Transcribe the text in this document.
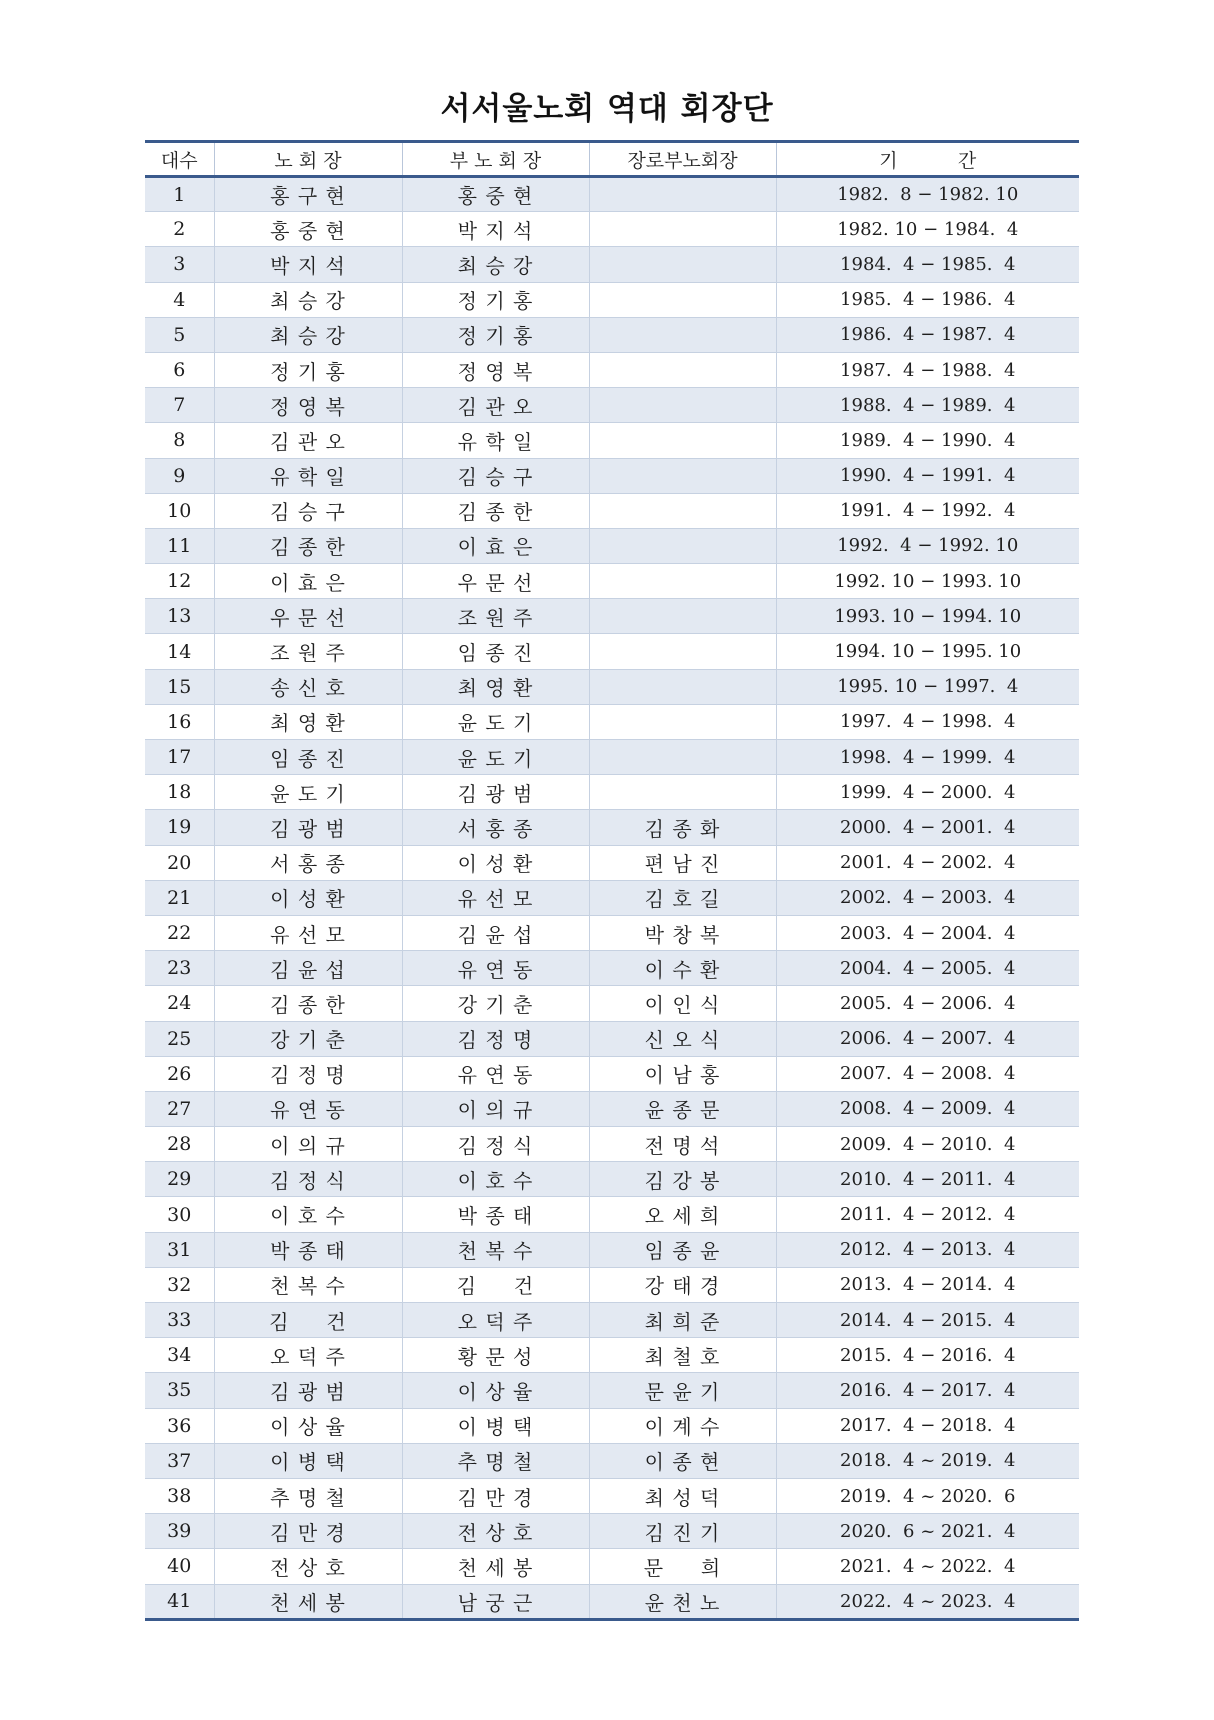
서서울노회 역대 회장단
대수	노 회 장	부 노 회 장	장로부노회장	기          간
1	홍 구 현	홍 중 현		1982.  8 − 1982. 10
2	홍 중 현	박 지 석		1982. 10 − 1984.  4
3	박 지 석	최 승 강		1984.  4 − 1985.  4
4	최 승 강	정 기 홍		1985.  4 − 1986.  4
5	최 승 강	정 기 홍		1986.  4 − 1987.  4
6	정 기 홍	정 영 복		1987.  4 − 1988.  4
7	정 영 복	김 관 오		1988.  4 − 1989.  4
8	김 관 오	유 학 일		1989.  4 − 1990.  4
9	유 학 일	김 승 구		1990.  4 − 1991.  4
10	김 승 구	김 종 한		1991.  4 − 1992.  4
11	김 종 한	이 효 은		1992.  4 − 1992. 10
12	이 효 은	우 문 선		1992. 10 − 1993. 10
13	우 문 선	조 원 주		1993. 10 − 1994. 10
14	조 원 주	임 종 진		1994. 10 − 1995. 10
15	송 신 호	최 영 환		1995. 10 − 1997.  4
16	최 영 환	윤 도 기		1997.  4 − 1998.  4
17	임 종 진	윤 도 기		1998.  4 − 1999.  4
18	윤 도 기	김 광 범		1999.  4 − 2000.  4
19	김 광 범	서 홍 종	김 종 화	2000.  4 − 2001.  4
20	서 홍 종	이 성 환	편 남 진	2001.  4 − 2002.  4
21	이 성 환	유 선 모	김 호 길	2002.  4 − 2003.  4
22	유 선 모	김 윤 섭	박 창 복	2003.  4 − 2004.  4
23	김 윤 섭	유 연 동	이 수 환	2004.  4 − 2005.  4
24	김 종 한	강 기 춘	이 인 식	2005.  4 − 2006.  4
25	강 기 춘	김 정 명	신 오 식	2006.  4 − 2007.  4
26	김 정 명	유 연 동	이 남 홍	2007.  4 − 2008.  4
27	유 연 동	이 의 규	윤 종 문	2008.  4 − 2009.  4
28	이 의 규	김 정 식	전 명 석	2009.  4 − 2010.  4
29	김 정 식	이 호 수	김 강 봉	2010.  4 − 2011.  4
30	이 호 수	박 종 태	오 세 희	2011.  4 − 2012.  4
31	박 종 태	천 복 수	임 종 윤	2012.  4 − 2013.  4
32	천 복 수	김     건	강 태 경	2013.  4 − 2014.  4
33	김     건	오 덕 주	최 희 준	2014.  4 − 2015.  4
34	오 덕 주	황 문 성	최 철 호	2015.  4 − 2016.  4
35	김 광 범	이 상 율	문 윤 기	2016.  4 − 2017.  4
36	이 상 율	이 병 택	이 계 수	2017.  4 − 2018.  4
37	이 병 택	추 명 철	이 종 현	2018.  4 ~ 2019.  4
38	추 명 철	김 만 경	최 성 덕	2019.  4 ~ 2020.  6
39	김 만 경	전 상 호	김 진 기	2020.  6 ~ 2021.  4
40	전 상 호	천 세 봉	문     희	2021.  4 ~ 2022.  4
41	천 세 봉	남 궁 근	윤 천 노	2022.  4 ~ 2023.  4
